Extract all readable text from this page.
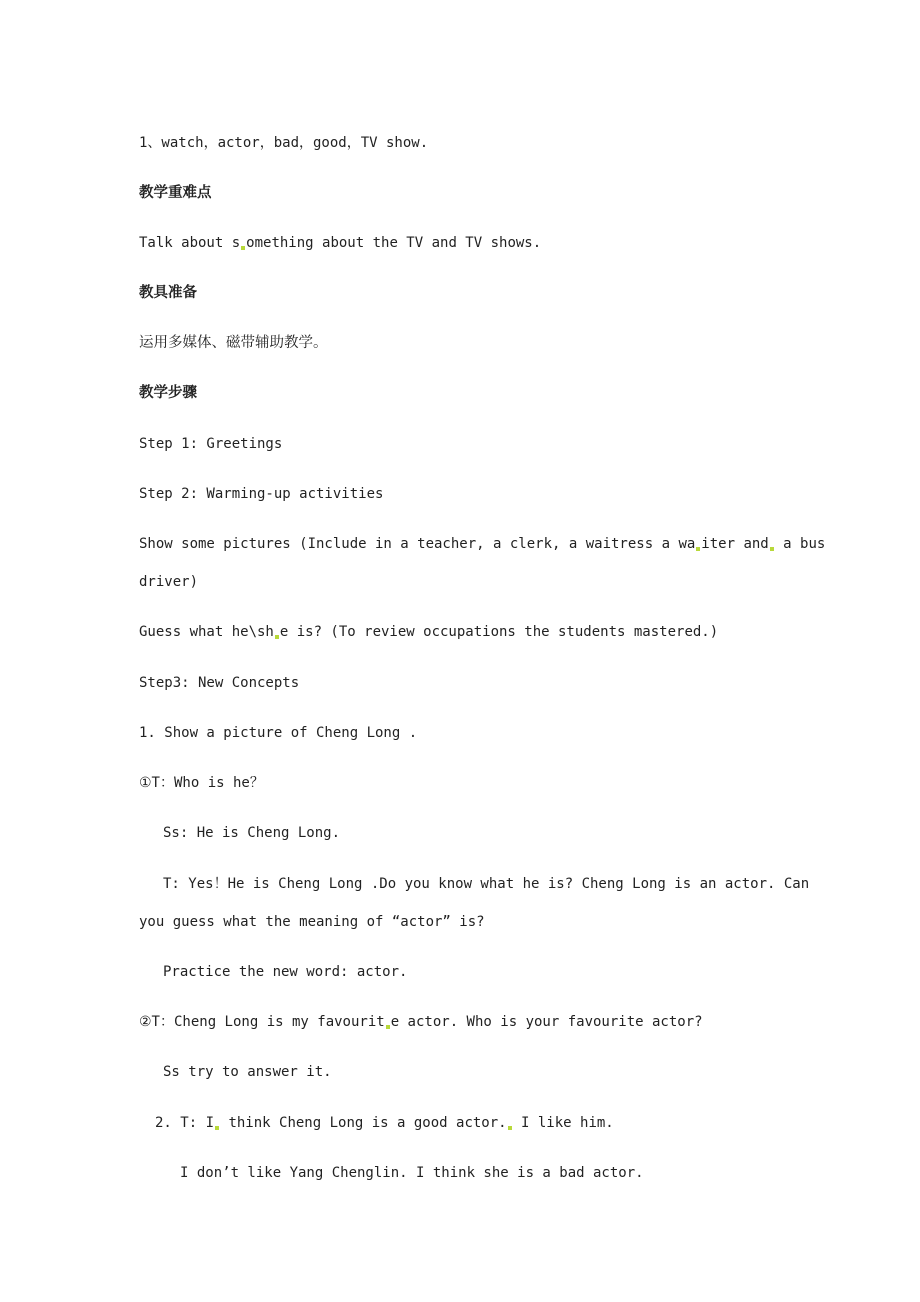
1、watch，actor，bad，good，TV show.
教学重难点
Talk about s omething about the TV and TV shows.
教具准备
运用多媒体、磁带辅助教学。
教学步骤
Step 1: Greetings
Step 2: Warming-up activities
Show some pictures (Include in a teacher, a clerk, a waitress a wa iter and a bus
driver)
Guess what he\sh e is? (To review occupations the students mastered.)
Step3: New Concepts
1. Show a picture of Cheng Long .
①T：Who is he？
Ss: He is Cheng Long.
T: Yes！He is Cheng Long .Do you know what he is? Cheng Long is an actor. Can
you guess what the meaning of “actor” is?
Practice the new word: actor.
②T：Cheng Long is my favourit e actor. Who is your favourite actor?
Ss try to answer it.
2. T: I think Cheng Long is a good actor. I like him.
I don’t like Yang Chenglin. I think she is a bad actor.
